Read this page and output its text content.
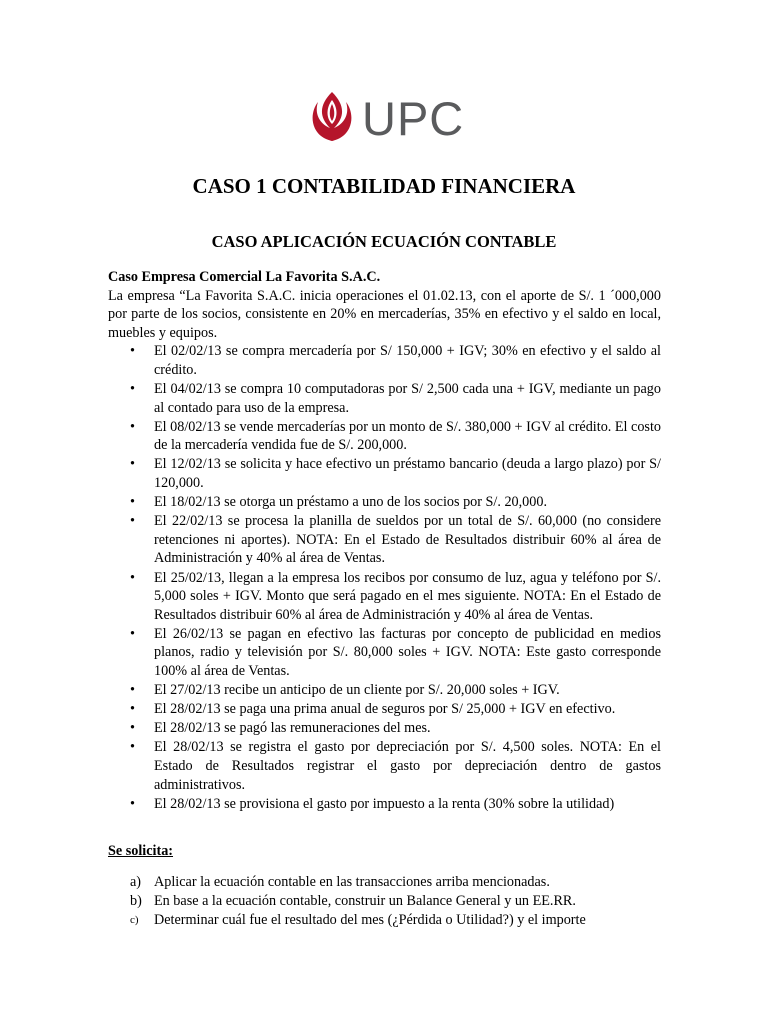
UPC
CASO 1 CONTABILIDAD FINANCIERA
CASO APLICACIÓN ECUACIÓN CONTABLE

Caso Empresa Comercial La Favorita S.A.C.

La empresa “La Favorita S.A.C. inicia operaciones el 01.02.13, con el aporte de S/. 1 ´000,000 por parte de los socios, consistente en 20% en mercaderías, 35% en efectivo y el saldo en local, muebles y equipos.

• El 02/02/13 se compra mercadería por S/ 150,000 + IGV; 30% en efectivo y el saldo al crédito.
• El 04/02/13 se compra 10 computadoras por S/ 2,500 cada una + IGV, mediante un pago al contado para uso de la empresa.
• El 08/02/13 se vende mercaderías por un monto de S/. 380,000 + IGV al crédito. El costo de la mercadería vendida fue de S/. 200,000.
• El 12/02/13 se solicita y hace efectivo un préstamo bancario (deuda a largo plazo) por S/ 120,000.
• El 18/02/13 se otorga un préstamo a uno de los socios por S/. 20,000.
• El 22/02/13 se procesa la planilla de sueldos por un total de S/. 60,000 (no considere retenciones ni aportes). NOTA: En el Estado de Resultados distribuir 60% al área de Administración y 40% al área de Ventas.
• El 25/02/13, llegan a la empresa los recibos por consumo de luz, agua y teléfono por S/. 5,000 soles + IGV. Monto que será pagado en el mes siguiente. NOTA: En el Estado de Resultados distribuir 60% al área de Administración y 40% al área de Ventas.
• El 26/02/13 se pagan en efectivo las facturas por concepto de publicidad en medios planos, radio y televisión por S/. 80,000 soles + IGV. NOTA: Este gasto corresponde 100% al área de Ventas.
• El 27/02/13 recibe un anticipo de un cliente por S/. 20,000 soles + IGV.
• El 28/02/13 se paga una prima anual de seguros por S/ 25,000 + IGV en efectivo.
• El 28/02/13 se pagó las remuneraciones del mes.
• El 28/02/13 se registra el gasto por depreciación por S/. 4,500 soles. NOTA: En el Estado de Resultados registrar el gasto por depreciación dentro de gastos administrativos.
• El 28/02/13 se provisiona el gasto por impuesto a la renta (30% sobre la utilidad)

Se solicita:

a) Aplicar la ecuación contable en las transacciones arriba mencionadas.
b) En base a la ecuación contable, construir un Balance General y un EE.RR.
c) Determinar cuál fue el resultado del mes (¿Pérdida o Utilidad?) y el importe
